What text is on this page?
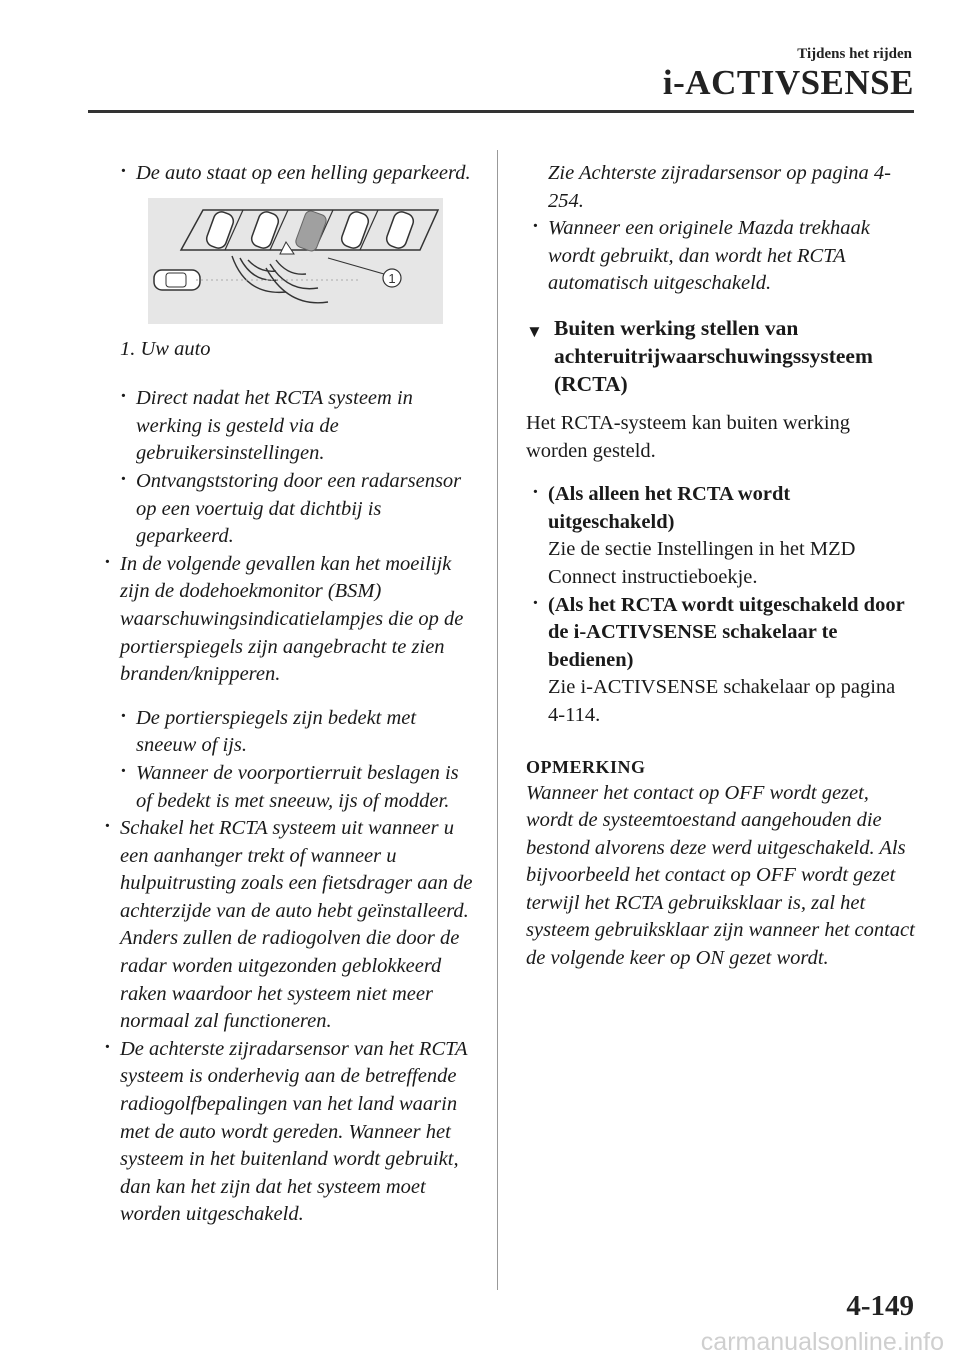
Tijdens het rijden
i-ACTIVSENSE
· De auto staat op een helling geparkeerd.
1
1. Uw auto
· Direct nadat het RCTA systeem in werking is gesteld via de gebruikersinstellingen.
· Ontvangststoring door een radarsensor op een voertuig dat dichtbij is geparkeerd.
· In de volgende gevallen kan het moeilijk zijn de dodehoekmonitor (BSM) waarschuwingsindicatielampjes die op de portierspiegels zijn aangebracht te zien branden/knipperen.
· De portierspiegels zijn bedekt met sneeuw of ijs.
· Wanneer de voorportierruit beslagen is of bedekt is met sneeuw, ijs of modder.
· Schakel het RCTA systeem uit wanneer u een aanhanger trekt of wanneer u hulpuitrusting zoals een fietsdrager aan de achterzijde van de auto hebt geïnstalleerd. Anders zullen de radiogolven die door de radar worden uitgezonden geblokkeerd raken waardoor het systeem niet meer normaal zal functioneren.
· De achterste zijradarsensor van het RCTA systeem is onderhevig aan de betreffende radiogolfbepalingen van het land waarin met de auto wordt gereden. Wanneer het systeem in het buitenland wordt gebruikt, dan kan het zijn dat het systeem moet worden uitgeschakeld.
Zie Achterste zijradarsensor op pagina 4-254.
· Wanneer een originele Mazda trekhaak wordt gebruikt, dan wordt het RCTA automatisch uitgeschakeld.
▼ Buiten werking stellen van achteruitrijwaarschuwingssysteem (RCTA)
Het RCTA-systeem kan buiten werking worden gesteld.
· (Als alleen het RCTA wordt uitgeschakeld)
Zie de sectie Instellingen in het MZD Connect instructieboekje.
· (Als het RCTA wordt uitgeschakeld door de i-ACTIVSENSE schakelaar te bedienen)
Zie i-ACTIVSENSE schakelaar op pagina 4-114.
OPMERKING
Wanneer het contact op OFF wordt gezet, wordt de systeemtoestand aangehouden die bestond alvorens deze werd uitgeschakeld. Als bijvoorbeeld het contact op OFF wordt gezet terwijl het RCTA gebruiksklaar is, zal het systeem gebruiksklaar zijn wanneer het contact de volgende keer op ON gezet wordt.
4-149
carmanualsonline.info
